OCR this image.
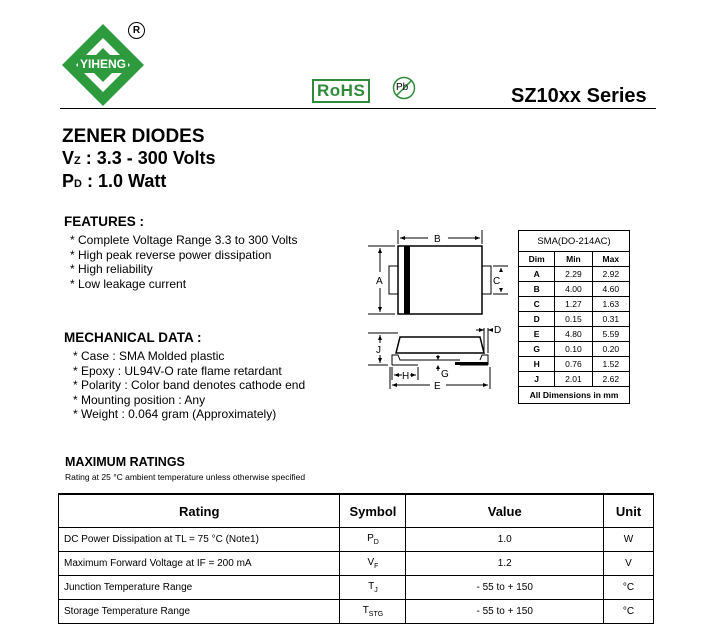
YIHENG
R
RoHS	Pb	SZ10xx Series
ZENER DIODES
VZ : 3.3 - 300 Volts
PD : 1.0 Watt
FEATURES :
* Complete Voltage Range 3.3 to 300 Volts
* High peak reverse power dissipation
* High reliability
* Low leakage current
MECHANICAL DATA :
* Case : SMA Molded plastic
* Epoxy : UL94V-O rate flame retardant
* Polarity : Color band denotes cathode end
* Mounting position : Any
* Weight : 0.064 gram (Approximately)
B
A	C
D
J
H	G
E
SMA(DO-214AC)		
Dim	Min	Max
A	2.29	2.92
B	4.00	4.60
C	1.27	1.63
D	0.15	0.31
E	4.80	5.59
G	0.10	0.20
H	0.76	1.52
J	2.01	2.62
All Dimensions in mm		
MAXIMUM RATINGS
Rating at 25 °C ambient temperature unless otherwise specified
Rating	Symbol	Value	Unit
DC Power Dissipation at TL = 75 °C (Note1)	$P_D$	1.0	W
Maximum Forward Voltage at IF = 200 mA	$V_F$	1.2	V
Junction Temperature Range	$T_J$	- 55 to + 150	°C
Storage Temperature Range	$T_{STG}$	- 55 to + 150	°C
